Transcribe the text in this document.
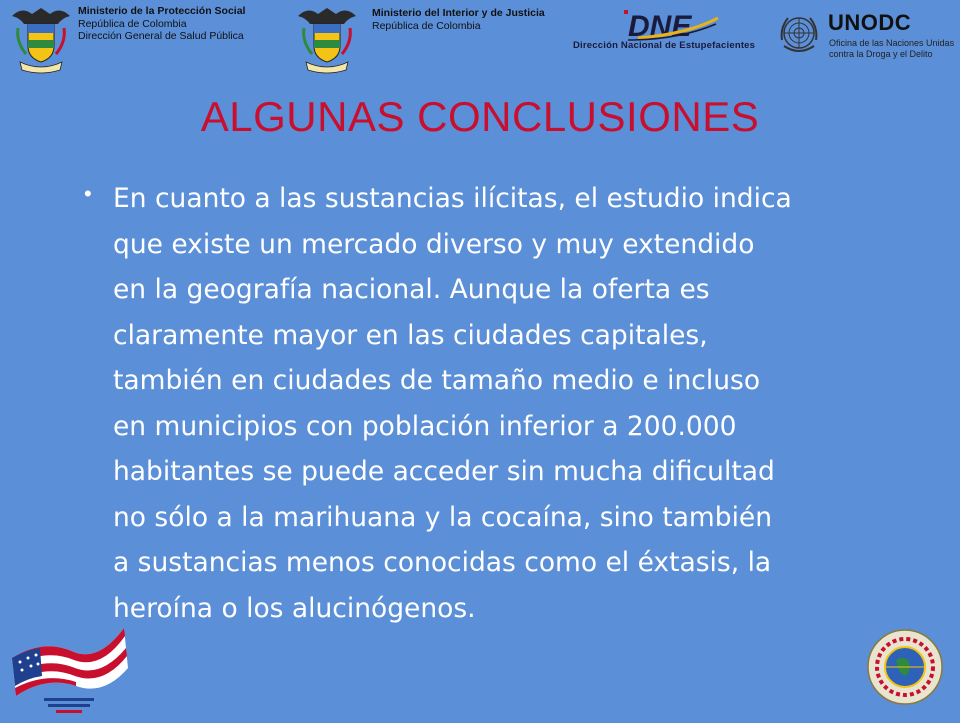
Ministerio de la Protección Social
República de Colombia
Dirección General de Salud Pública
Ministerio del Interior y de Justicia
República de Colombia	DNE
Dirección Nacional de Estupefacientes
UNODC
Oficina de las Naciones Unidas
contra la Droga y el Delito
ALGUNAS CONCLUSIONES
• En cuanto a las sustancias ilícitas, el estudio indica
que existe un mercado diverso y muy extendido
en la geografía nacional. Aunque la oferta es
claramente mayor en las ciudades capitales,
también en ciudades de tamaño medio e incluso
en municipios con población inferior a 200.000
habitantes se puede acceder sin mucha dificultad
no sólo a la marihuana y la cocaína, sino también
a sustancias menos conocidas como el éxtasis, la
heroína o los alucinógenos.
